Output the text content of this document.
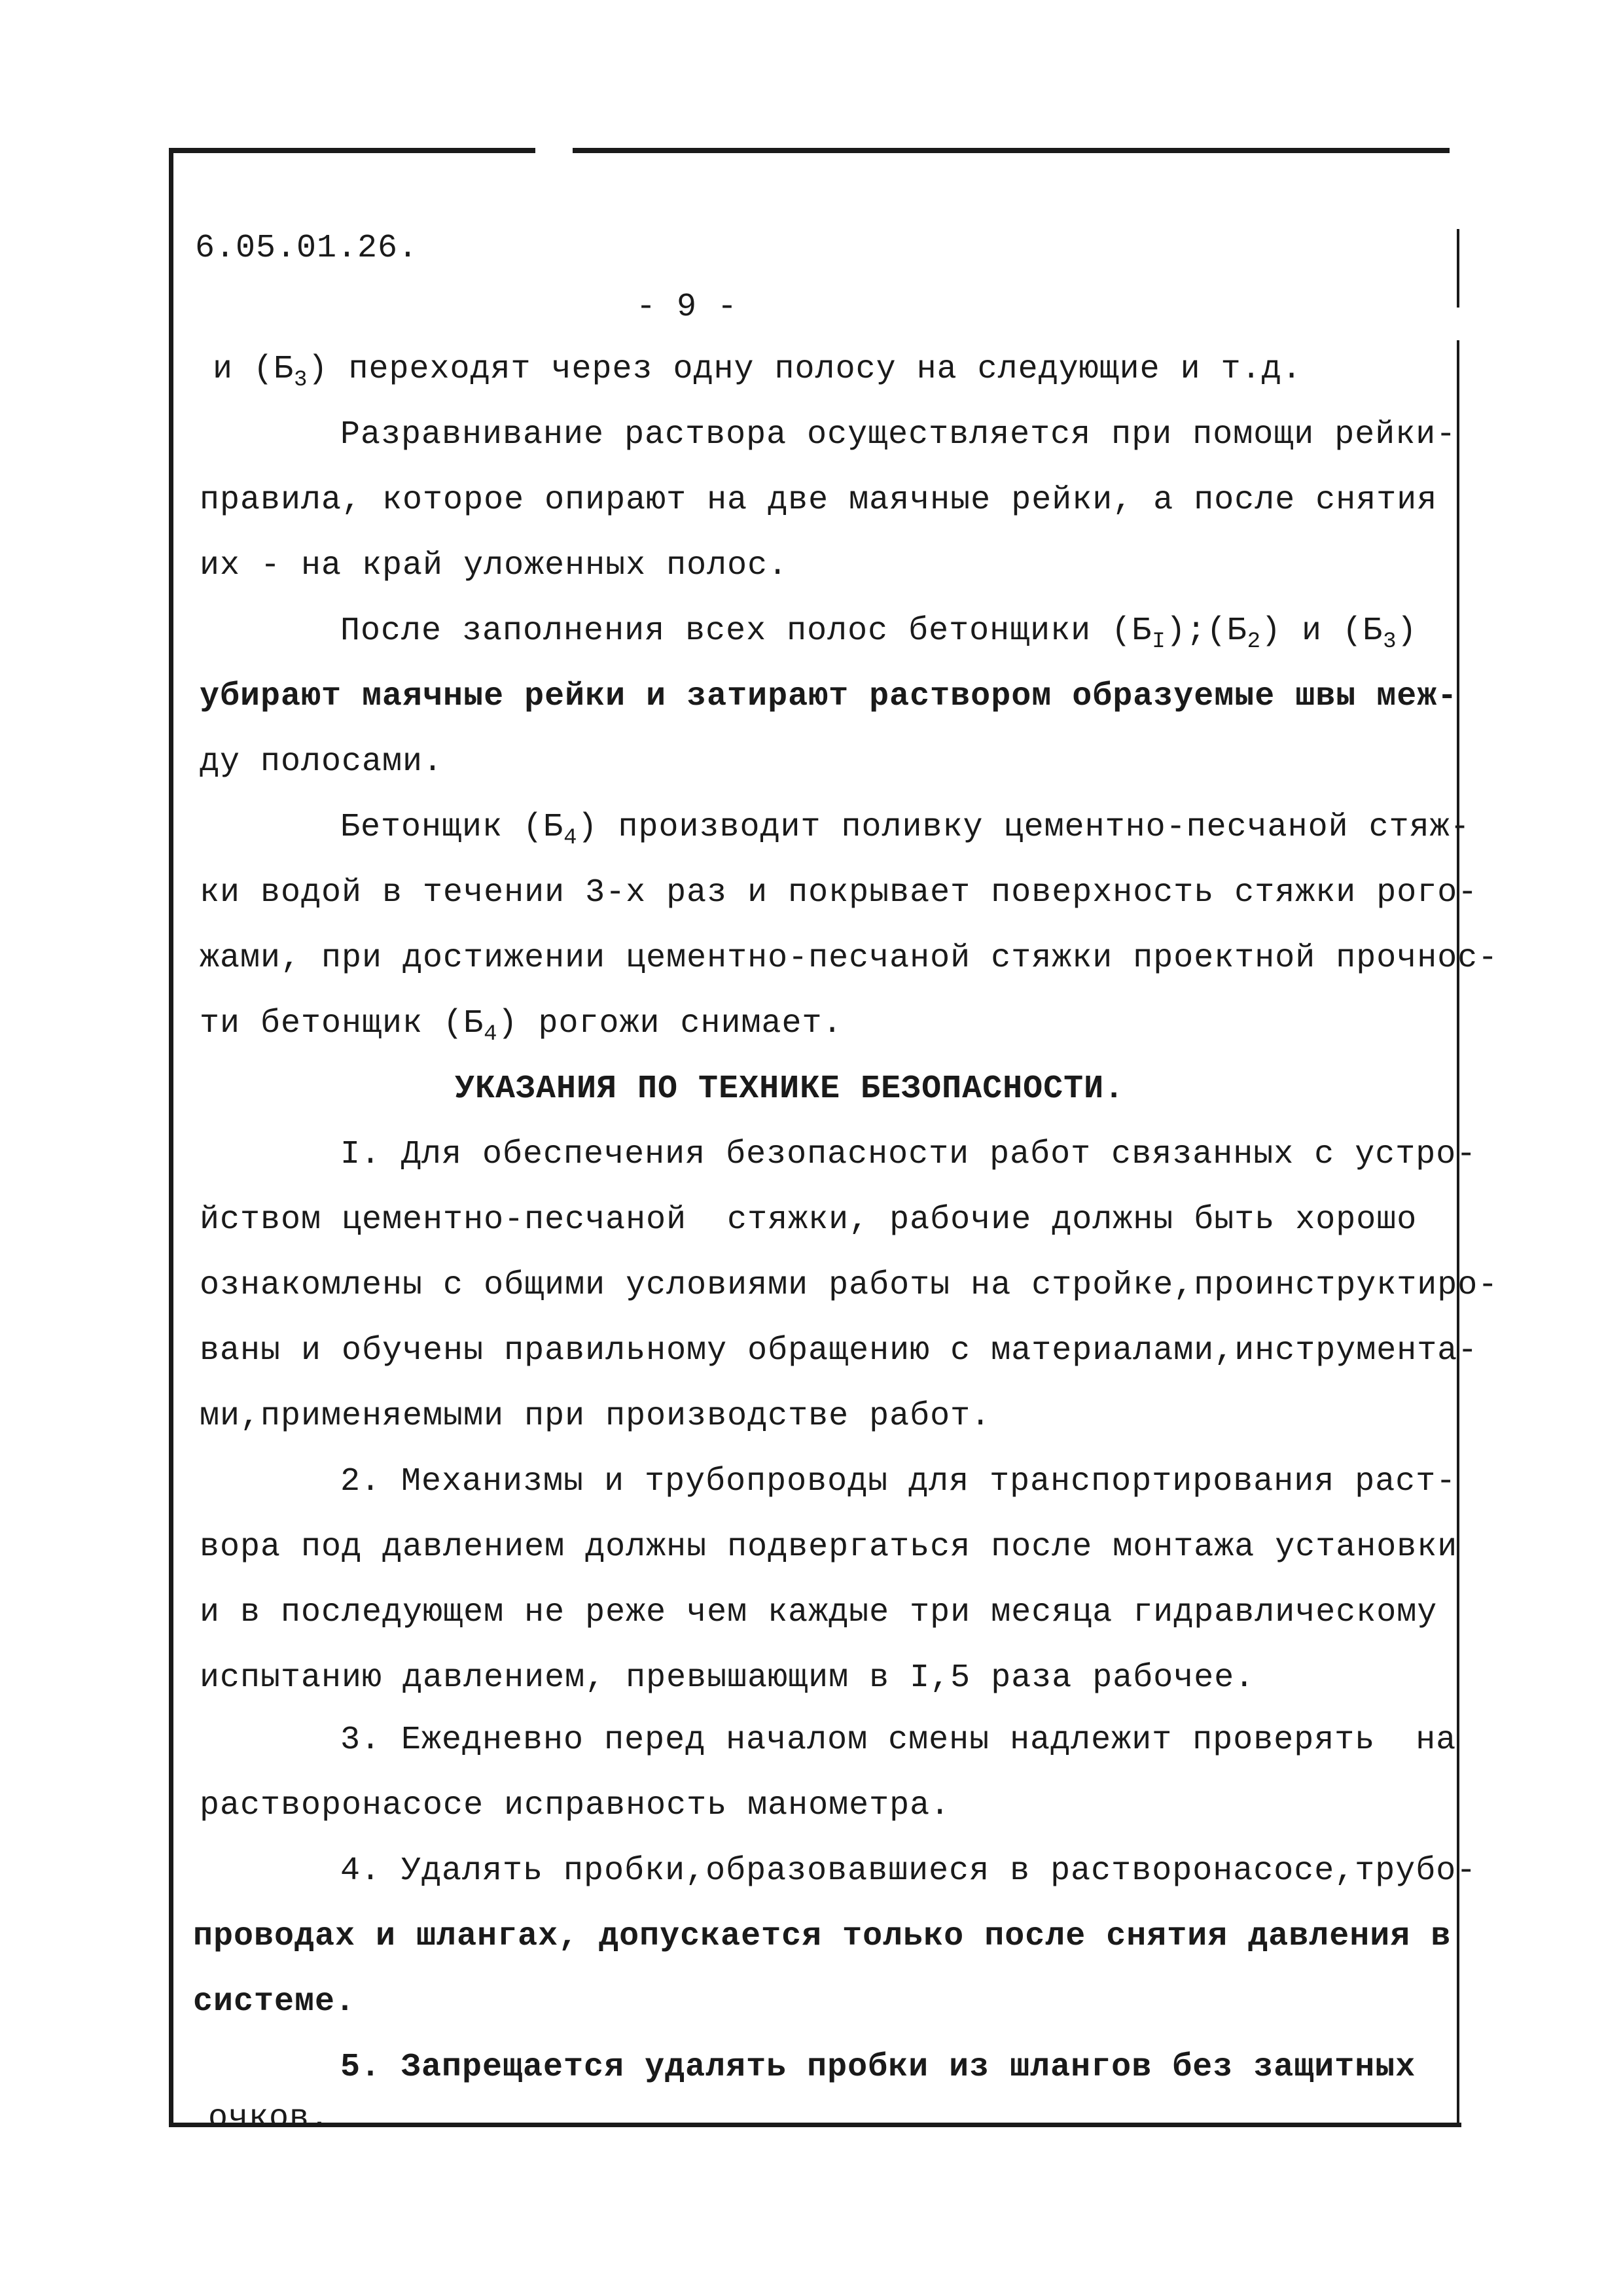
6.05.01.26.
- 9 -
и $(Б_3)$ переходят через одну полосу на следующие и т.д.
Разравнивание раствора осуществляется при помощи рейки-
правила, которое опирают на две маячные рейки, а после снятия
их - на край уложенных полос.
После заполнения всех полос бетонщики $(Б_I);(Б_2)$ и $(Б_3)$
убирают маячные рейки и затирают раствором образуемые швы меж-
ду полосами.
Бетонщик $(Б_4)$ производит поливку цементно-песчаной стяж-
ки водой в течении 3-х раз и покрывает поверхность стяжки рого-
жами, при достижении цементно-песчаной стяжки проектной прочнос-
ти бетонщик $(Б_4)$ рогожи снимает.
УКАЗАНИЯ ПО ТЕХНИКЕ БЕЗОПАСНОСТИ.
I. Для обеспечения безопасности работ связанных с устро-
йством цементно-песчаной  стяжки, рабочие должны быть хорошо
ознакомлены с общими условиями работы на стройке,проинструктиро-
ваны и обучены правильному обращению с материалами,инструмента-
ми,применяемыми при производстве работ.
2. Механизмы и трубопроводы для транспортирования раст-
вора под давлением должны подвергаться после монтажа установки
и в последующем не реже чем каждые три месяца гидравлическому
испытанию давлением, превышающим в I,5 раза рабочее.
3. Ежедневно перед началом смены надлежит проверять  на
растворонасосе исправность манометра.
4. Удалять пробки,образовавшиеся в растворонасосе,трубо-
проводах и шлангах, допускается только после снятия давления в
системе.
5. Запрещается удалять пробки из шлангов без защитных
очков.
